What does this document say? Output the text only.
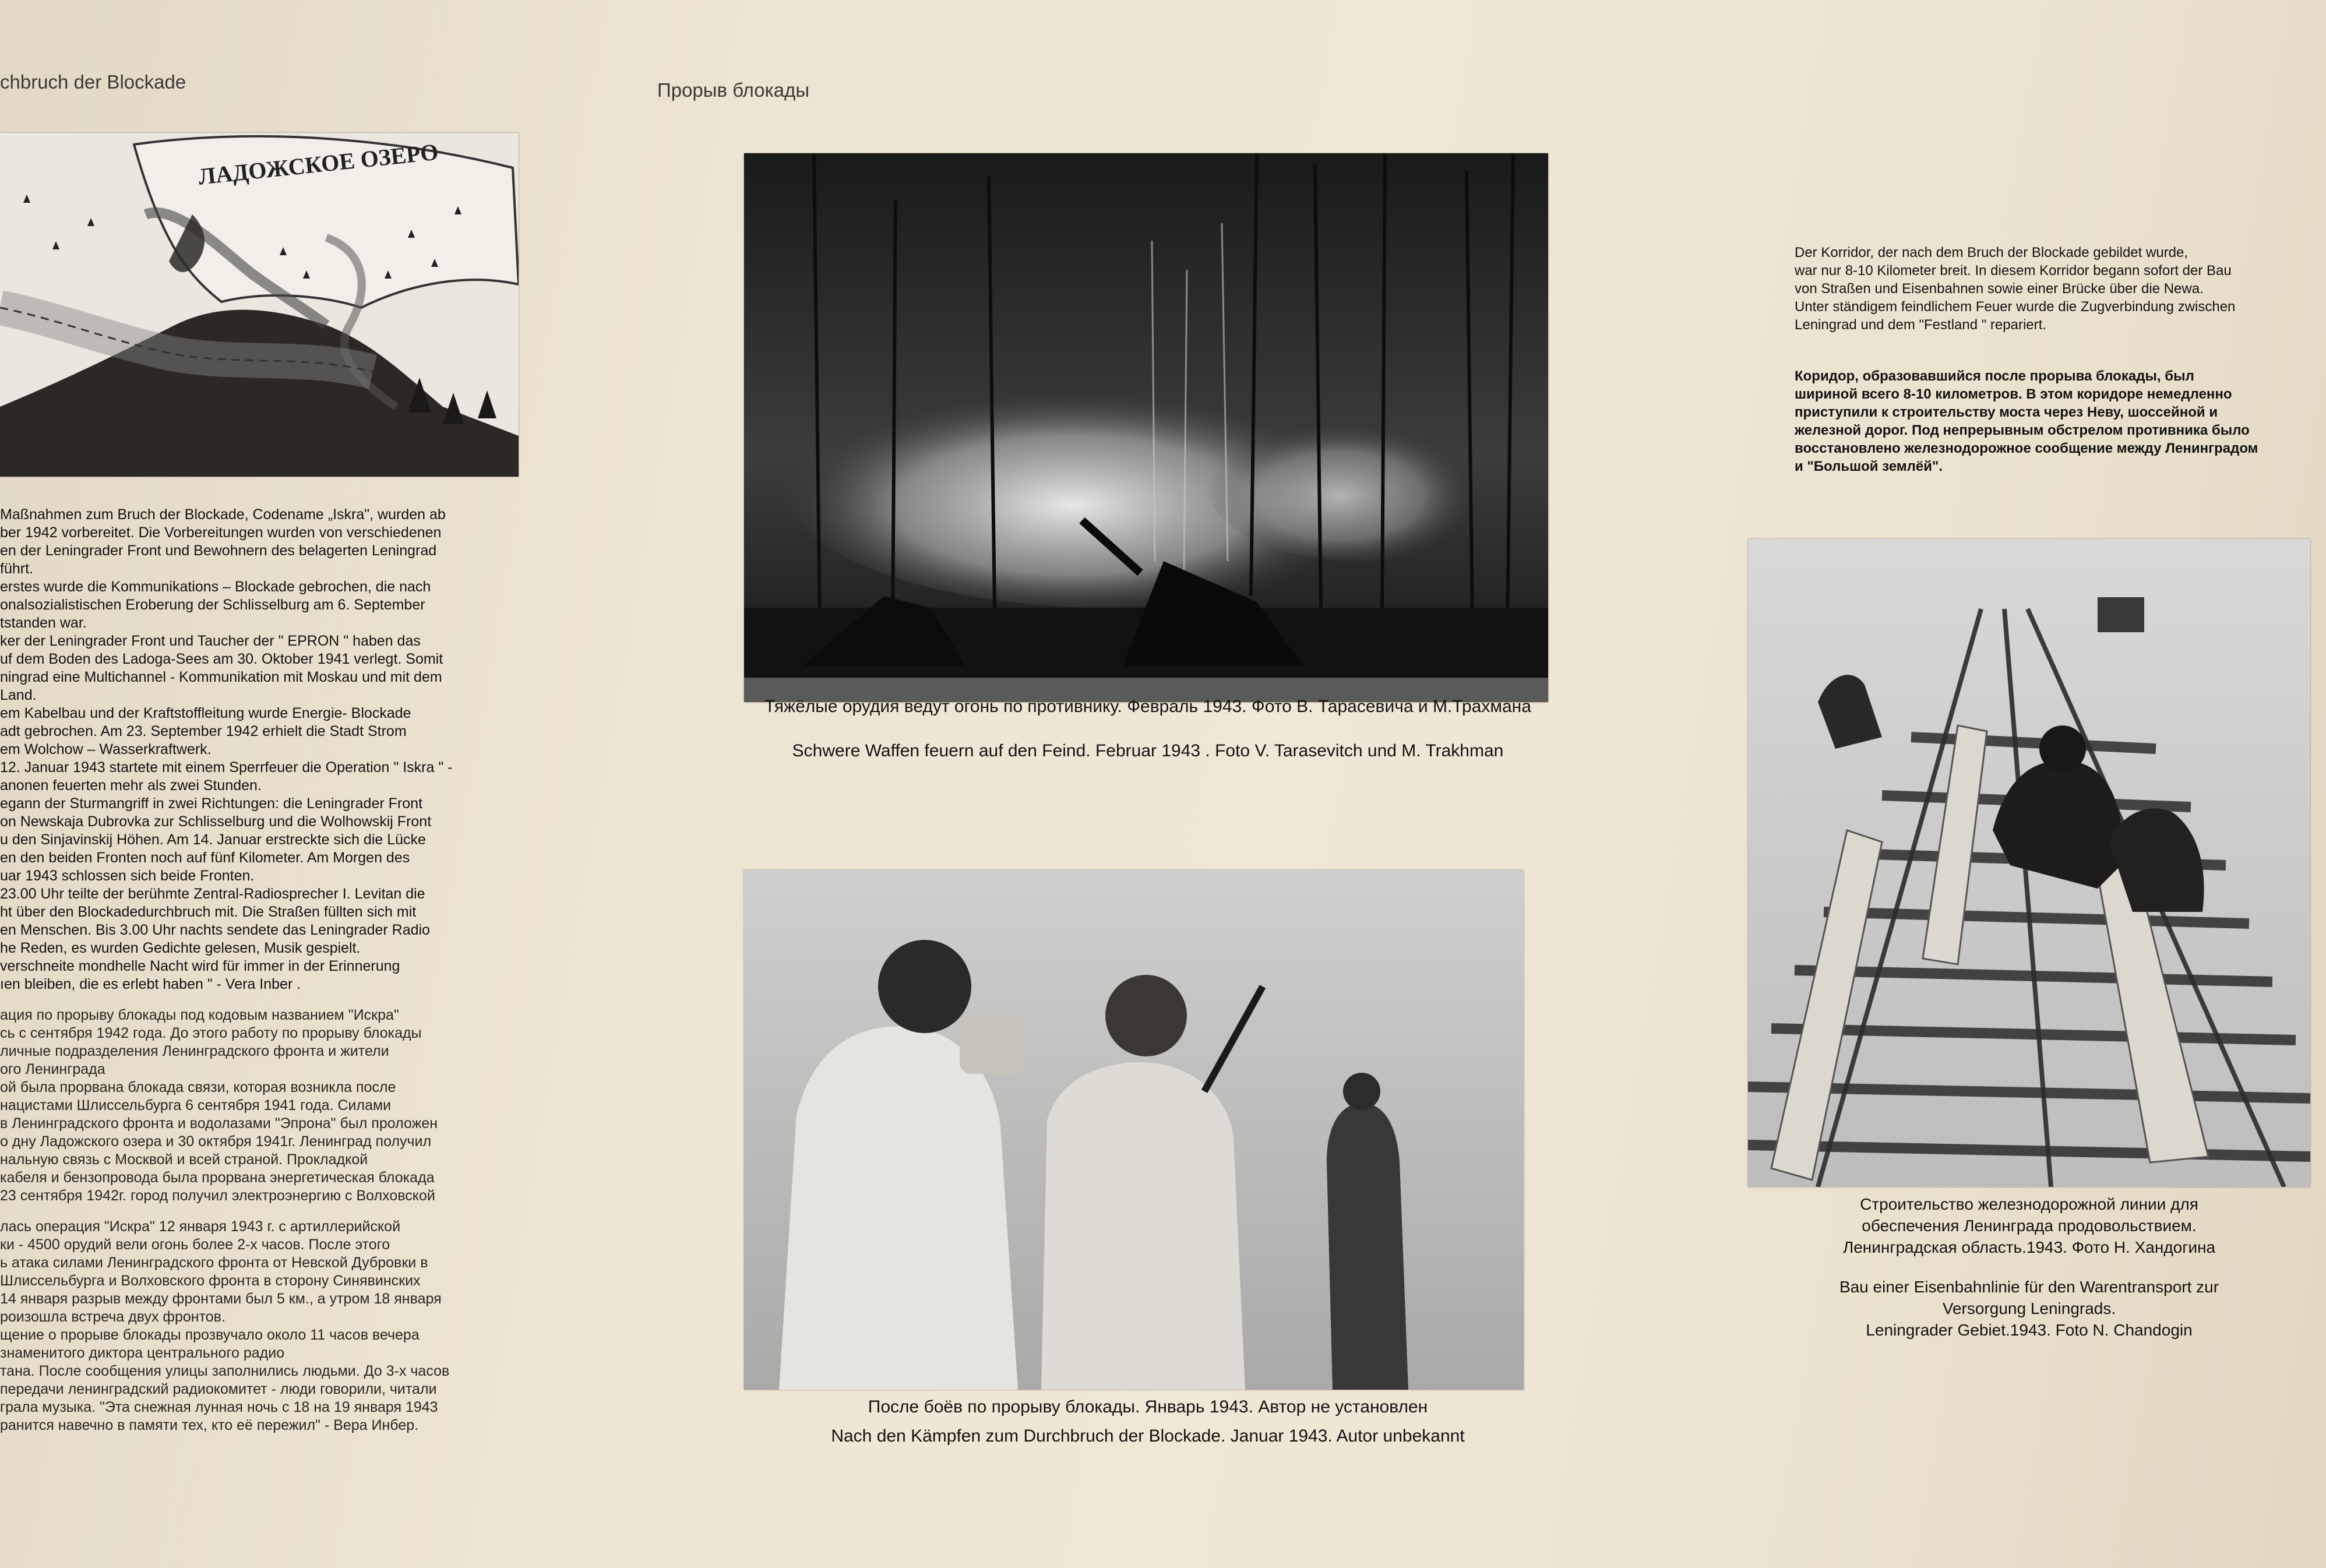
chbruch der Blockade	Прорыв блокады
ЛАДОЖСКОЕ ОЗЕРО
Maßnahmen zum Bruch der Blockade, Codename „Iskra", wurden ab
ber 1942 vorbereitet. Die Vorbereitungen wurden von verschiedenen
en der Leningrader Front und Bewohnern des belagerten Leningrad
führt.
erstes wurde die Kommunikations – Blockade gebrochen, die nach
onalsozialistischen Eroberung der Schlisselburg am 6. September
tstanden war.
ker der Leningrader Front und Taucher der " EPRON " haben das
uf dem Boden des Ladoga-Sees am 30. Oktober 1941 verlegt. Somit
ningrad eine Multichannel - Kommunikation mit Moskau und mit dem
Land.
em Kabelbau und der Kraftstoffleitung wurde Energie- Blockade
adt gebrochen. Am 23. September 1942 erhielt die Stadt Strom
em Wolchow – Wasserkraftwerk.
12. Januar 1943 startete mit einem Sperrfeuer die Operation " Iskra " -
anonen feuerten mehr als zwei Stunden.
egann der Sturmangriff in zwei Richtungen: die Leningrader Front
on Newskaja Dubrovka zur Schlisselburg und die Wolhowskij Front
u den Sinjavinskij Höhen. Am 14. Januar erstreckte sich die Lücke
en den beiden Fronten noch auf fünf Kilometer. Am Morgen des
uar 1943 schlossen sich beide Fronten.
23.00 Uhr teilte der berühmte Zentral-Radiosprecher I. Levitan die
ht über den Blockadedurchbruch mit. Die Straßen füllten sich mit
en Menschen. Bis 3.00 Uhr nachts sendete das Leningrader Radio
he Reden, es wurden Gedichte gelesen, Musik gespielt.
verschneite mondhelle Nacht wird für immer in der Erinnerung
ıen bleiben, die es erlebt haben " - Vera Inber .
ация по прорыву блокады под кодовым названием "Искра"
сь с сентября 1942 года. До этого работу по прорыву блокады
личные подразделения Ленинградского фронта и жители
ого Ленинграда
ой была прорвана блокада связи, которая возникла после
нацистами Шлиссельбурга 6 сентября 1941 года. Силами
в Ленинградского фронта и водолазами "Эпрона" был проложен
о дну Ладожского озера и 30 октября 1941г. Ленинград получил
нальную связь с Москвой и всей страной. Прокладкой
кабеля и бензопровода была прорвана энергетическая блокада
23 сентября 1942г. город получил электроэнергию с Волховской
лась операция "Искра" 12 января 1943 г. с артиллерийской
ки - 4500 орудий вели огонь более 2-х часов. После этого
ь атака силами Ленинградского фронта от Невской Дубровки в
Шлиссельбурга и Волховского фронта в сторону Синявинских
14 января разрыв между фронтами был 5 км., а утром 18 января
роизошла встреча двух фронтов.
щение о прорыве блокады прозвучало около 11 часов вечера
знаменитого диктора центрального радио
тана. После сообщения улицы заполнились людьми. До 3-х часов
передачи ленинградский радиокомитет - люди говорили, читали
грала музыка. "Эта снежная лунная ночь с 18 на 19 января 1943
ранится навечно в памяти тех, кто её пережил" - Вера Инбер.
Тяжёлые орудия ведут огонь по противнику. Февраль 1943. Фото В. Тарасевича и М.Трахмана
Schwere Waffen feuern auf den Feind. Februar 1943 . Foto V. Tarasevitch und M. Trakhman
После боёв по прорыву блокады. Январь 1943. Автор не установлен
Nach den Kämpfen zum Durchbruch der Blockade. Januar 1943. Autor unbekannt
Der Korridor, der nach dem Bruch der Blockade gebildet wurde,
war nur 8-10 Kilometer breit. In diesem Korridor begann sofort der Bau
von Straßen und Eisenbahnen sowie einer Brücke über die Newa.
Unter ständigem feindlichem Feuer wurde die Zugverbindung zwischen
Leningrad und dem "Festland " repariert.
Коридор, образовавшийся после прорыва блокады, был
шириной всего 8-10 километров. В этом коридоре немедленно
приступили к строительству моста через Неву, шоссейной и
железной дорог. Под непрерывным обстрелом противника было
восстановлено железнодорожное сообщение между Ленинградом
и "Большой землёй".
Строительство железнодорожной линии для
обеспечения Ленинграда продовольствием.
Ленинградская область.1943. Фото Н. Хандогина
Bau einer Eisenbahnlinie für den Warentransport zur
Versorgung Leningrads.
Leningrader Gebiet.1943. Foto N. Chandogin
